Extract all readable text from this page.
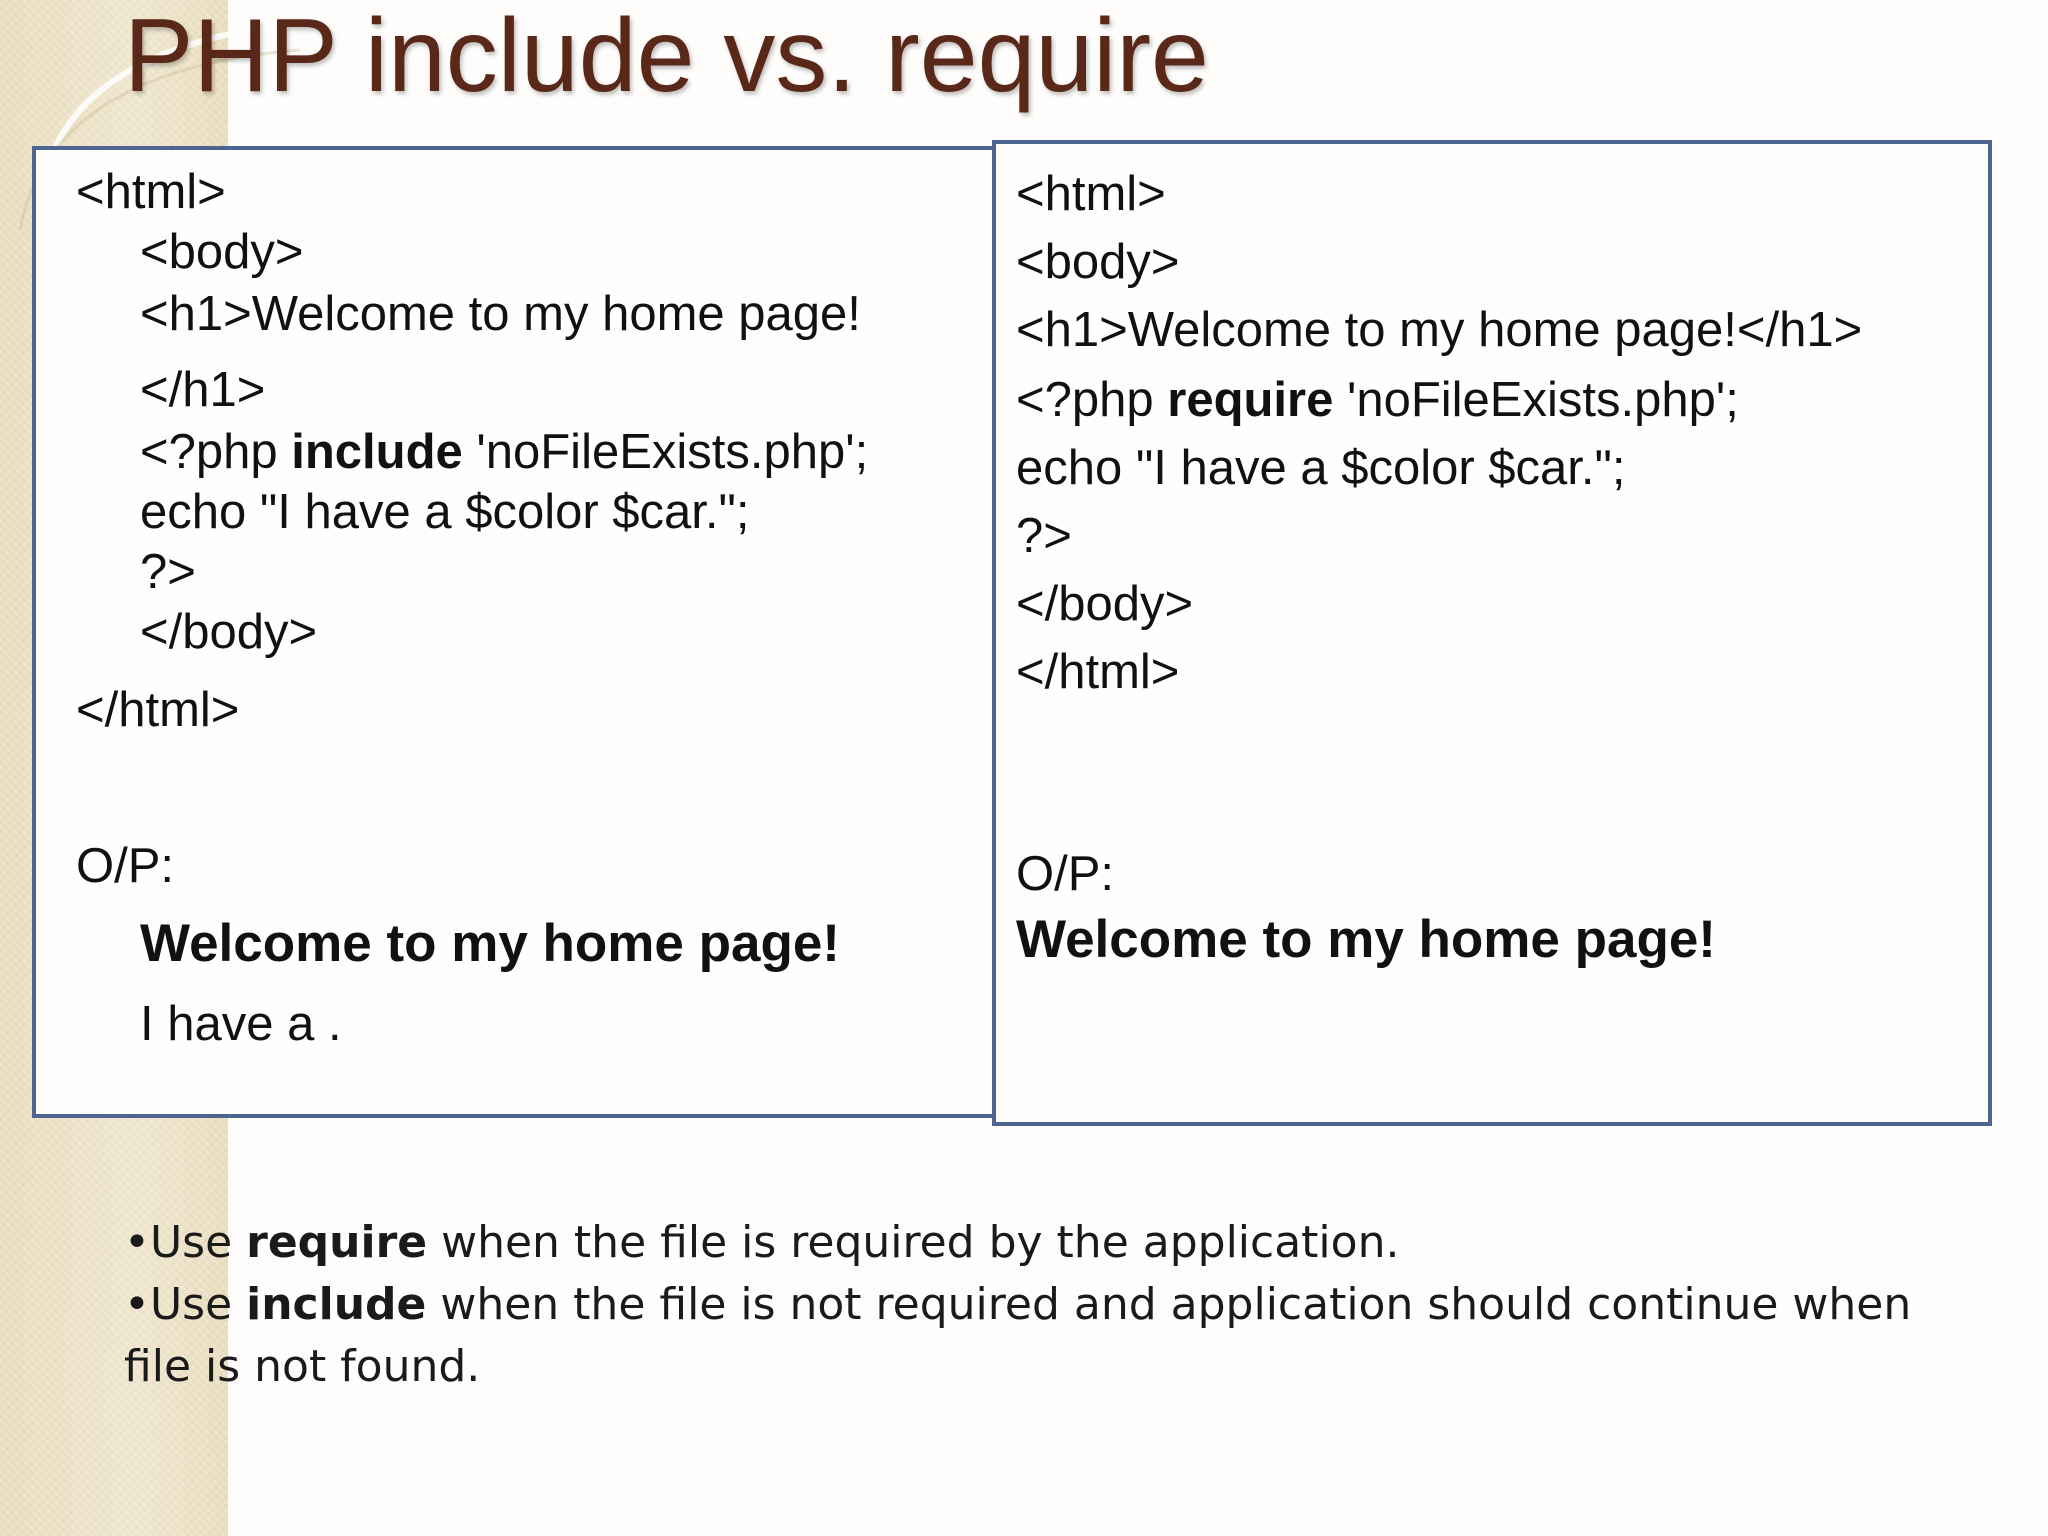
PHP include vs. require
<html>
<body>
<h1>Welcome to my home page!
</h1>
<?php include 'noFileExists.php';
echo "I have a $color $car.";
?>
</body>
</html>
O/P:
Welcome to my home page!
I have a .
<html>
<body>
<h1>Welcome to my home page!</h1>
<?php require 'noFileExists.php';
echo "I have a $color $car.";
?>
</body>
</html>
O/P:
Welcome to my home page!
•Use require when the file is required by the application.
•Use include when the file is not required and application should continue when file is not found.
